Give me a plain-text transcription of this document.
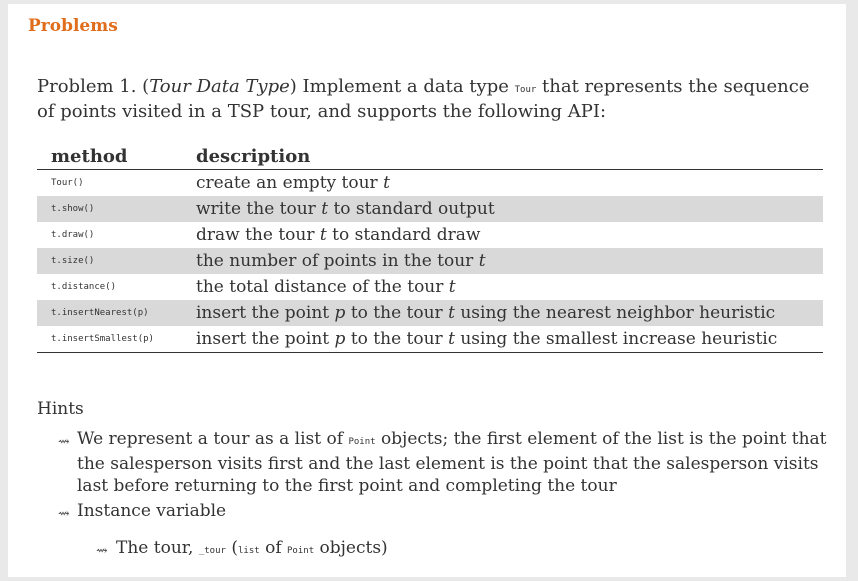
Problems
Problem 1. (Tour Data Type) Implement a data type Tour that represents the sequence of points visited in a TSP tour, and supports the following API:
method	description
Tour()	create an empty tour t
t.show()	write the tour t to standard output
t.draw()	draw the tour t to standard draw
t.size()	the number of points in the tour t
t.distance()	the total distance of the tour t
t.insertNearest(p)	insert the point p to the tour t using the nearest neighbor heuristic
t.insertSmallest(p)	insert the point p to the tour t using the smallest increase heuristic
Hints
⇝ We represent a tour as a list of Point objects; the first element of the list is the point that the salesperson visits first and the last element is the point that the salesperson visits last before returning to the first point and completing the tour
⇝ Instance variable
⇝ The tour, _tour (list of Point objects)
